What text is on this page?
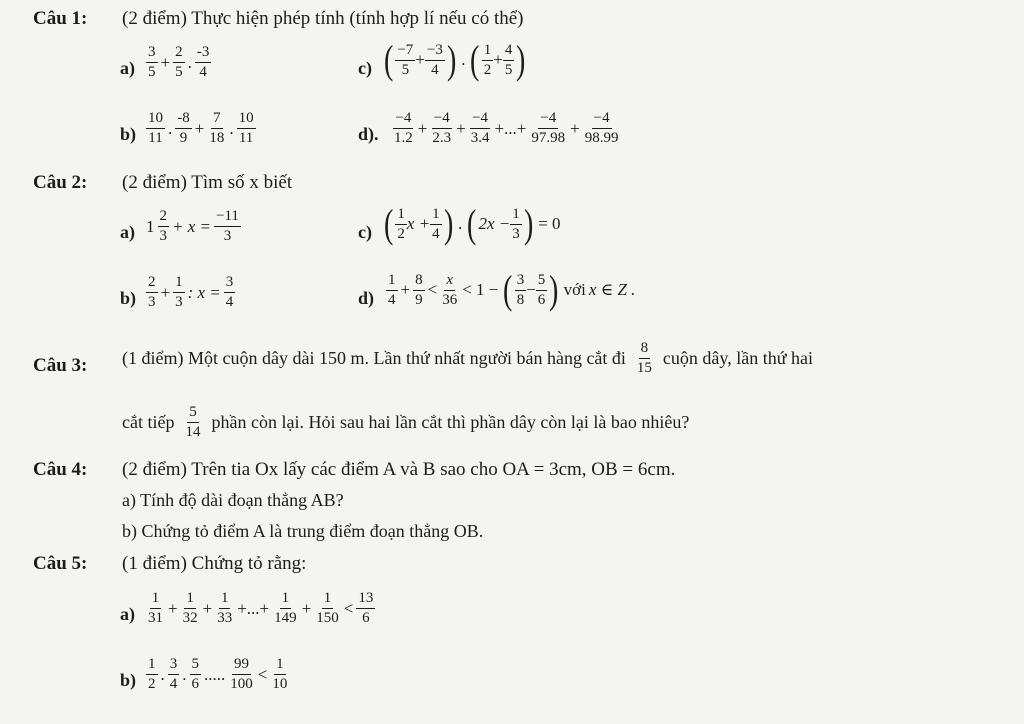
Câu 1: (2 điểm) Thực hiện phép tính (tính hợp lí nếu có thể)
$a) \frac{3}{5} + \frac{2}{5}$ . $\frac{-3}{4}$	c) ( $\frac{-7}{5} + \frac{-3}{4}$ ) . ( $\frac{1}{2} + \frac{4}{5}$ )
$b) \frac{10}{11}$ . $\frac{-8}{9} + \frac{7}{18}$ . $\frac{10}{11}$	d). $\frac{-4}{1.2} + \frac{-4}{2.3} + \frac{-4}{3.4}$ +...+ $\frac{-4}{97.98} + \frac{-4}{98.99}$
Câu 2: (2 điểm) Tìm số x biết
a) $1 \frac{2}{3} + x = \frac{-11}{3}$	c) ( $\frac{1}{2}$ $x + \frac{1}{4}$ ) . ( $2x - \frac{1}{3}$ ) = 0
$b) \frac{2}{3} + \frac{1}{3}$ : $x = \frac{3}{4}$	$d) \frac{1}{4} + \frac{8}{9} < \frac{x}{36} < 1$ − ( $\frac{3}{8} - \frac{5}{6}$ ) với x ∈ Z .
Câu 3: (1 điểm) Một cuộn dây dài 150 m. Lần thứ nhất người bán hàng cắt đi $\frac{8}{15}$ cuộn dây, lần thứ hai
cắt tiếp $\frac{5}{14}$ phần còn lại. Hỏi sau hai lần cắt thì phần dây còn lại là bao nhiêu?
Câu 4: (2 điểm) Trên tia Ox lấy các điểm A và B sao cho OA = 3cm, OB = 6cm.
a) Tính độ dài đoạn thẳng AB?
b) Chứng tỏ điểm A là trung điểm đoạn thẳng OB.
Câu 5: (1 điểm) Chứng tỏ rằng:
$a) \frac{1}{31} + \frac{1}{32} + \frac{1}{33}$ +...+ $\frac{1}{149} + \frac{1}{150} < \frac{13}{6}$
$b) \frac{1}{2}$ . $\frac{3}{4}$ . $\frac{5}{6}$ ..... $\frac{99}{100} < \frac{1}{10}$
